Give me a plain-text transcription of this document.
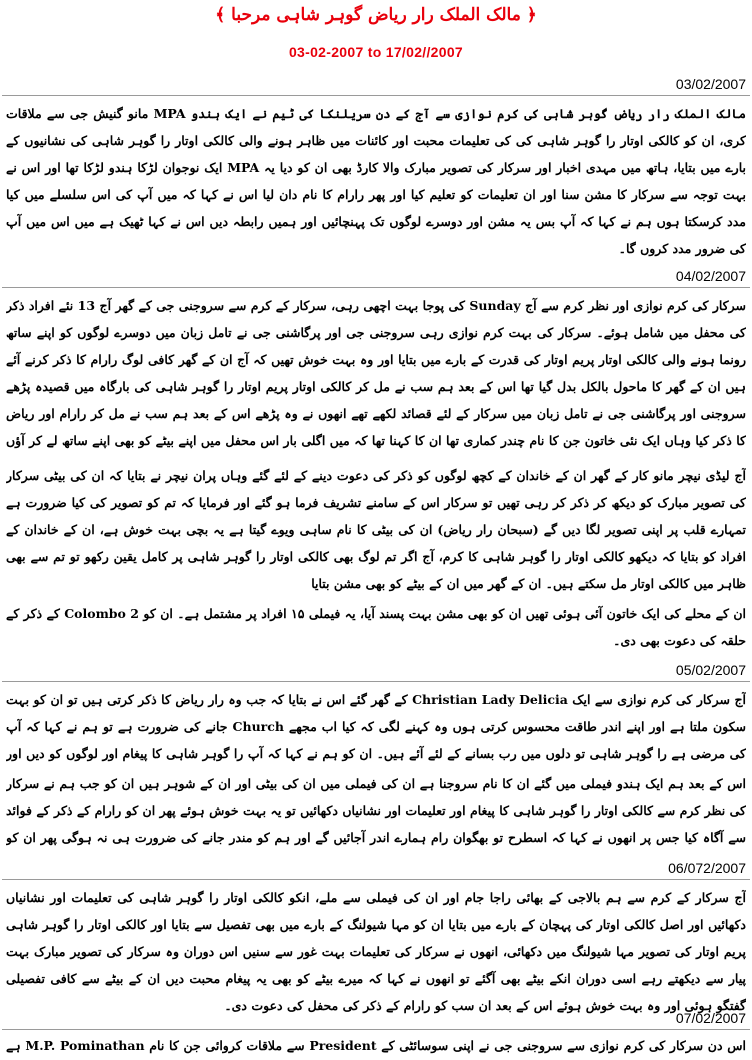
﴿ مالک الملک رار ریاض گوہر شاہی مرحبا ﴾
03-02-2007 to 17/02//2007
03/02/2007
مالک الملک رار ریاض گوہر شاہی کی کرم نوازی سے آج کے دن سریلنکا کی ٹیم نے ایک ہندو MPA مانو گنیش جی سے ملاقات کری، ان کو کالکی اوتار را گوہر شاہی کی کی تعلیمات محبت اور کائنات میں ظاہر ہونے والی کالکی اوتار را گوہر شاہی کی نشانیوں کے بارے میں بتایا، ہاتھ میں مہدی اخبار اور سرکار کی تصویر مبارک والا کارڈ بھی ان کو دیا یہ MPA ایک نوجوان لڑکا ہندو لڑکا تھا اور اس نے بہت توجہ سے سرکار کا مشن سنا اور ان تعلیمات کو تعلیم کیا اور پھر رارام کا نام دان لیا اس نے کہا کہ میں آپ کی اس سلسلے میں کیا مدد کرسکتا ہوں ہم نے کہا کہ آپ بس یہ مشن اور دوسرے لوگوں تک پہنچائیں اور ہمیں رابطہ دیں اس نے کہا ٹھیک ہے میں اس میں آپ کی ضرور مدد کروں گا۔
04/02/2007
سرکار کی کرم نوازی اور نظر کرم سے آج Sunday کی پوجا بہت اچھی رہی، سرکار کے کرم سے سروجنی جی کے گھر آج 13 نئے افراد ذکر کی محفل میں شامل ہوئے۔ سرکار کی بہت کرم نوازی رہی سروجنی جی اور پرگاشنی جی نے تامل زبان میں دوسرے لوگوں کو اپنے ساتھ رونما ہونے والی کالکی اوتار پریم اوتار کی قدرت کے بارے میں بتایا اور وہ بہت خوش تھیں کہ آج ان کے گھر کافی لوگ رارام کا ذکر کرنے آئے ہیں ان کے گھر کا ماحول بالکل بدل گیا تھا اس کے بعد ہم سب نے مل کر کالکی اوتار پریم اوتار را گوہر شاہی کی بارگاہ میں قصیدہ پڑھے سروجنی اور پرگاشنی جی نے تامل زبان میں سرکار کے لئے قصائد لکھے تھے انھوں نے وہ پڑھے اس کے بعد ہم سب نے مل کر رارام اور ریاض کا ذکر کیا وہاں ایک نئی خاتون جن کا نام چندر کماری تھا ان کا کہنا تھا کہ میں اگلی بار اس محفل میں اپنے بیٹے کو بھی اپنے ساتھ لے کر آؤں
آج لیڈی نیچر مانو کار کے گھر ان کے خاندان کے کچھ لوگوں کو ذکر کی دعوت دینے کے لئے گئے وہاں پران نیچر نے بتایا کہ ان کی بیٹی سرکار کی تصویر مبارک کو دیکھ کر ذکر کر رہی تھیں تو سرکار اس کے سامنے تشریف فرما ہو گئے اور فرمایا کہ تم کو تصویر کی کیا ضرورت ہے تمہارے قلب پر اپنی تصویر لگا دیں گے (سبحان رار ریاض) ان کی بیٹی کا نام ساہی ویوے گیتا ہے یہ بچی بہت خوش ہے، ان کے خاندان کے افراد کو بتایا کہ دیکھو کالکی اوتار را گوہر شاہی کا کرم، آج اگر تم لوگ بھی کالکی اوتار را گوہر شاہی پر کامل یقین رکھو تو تم سے بھی ظاہر میں کالکی اوتار مل سکتے ہیں۔ ان کے گھر میں ان کے بیٹے کو بھی مشن بتایا
ان کے محلے کی ایک خاتون آئی ہوئی تھیں ان کو بھی مشن بہت پسند آیا، یہ فیملی ۱۵ افراد پر مشتمل ہے۔ ان کو Colombo 2 کے ذکر کے حلقہ کی دعوت بھی دی۔
05/02/2007
آج سرکار کی کرم نوازی سے ایک Christian Lady Delicia کے گھر گئے اس نے بتایا کہ جب وہ رار ریاض کا ذکر کرتی ہیں تو ان کو بہت سکون ملتا ہے اور اپنے اندر طاقت محسوس کرتی ہوں وہ کہنے لگی کہ کیا اب مجھے Church جانے کی ضرورت ہے تو ہم نے کہا کہ آپ کی مرضی ہے را گوہر شاہی تو دلوں میں رب بسانے کے لئے آئے ہیں۔ ان کو ہم نے کہا کہ آپ را گوہر شاہی کا پیغام اور لوگوں کو دیں اور
اس کے بعد ہم ایک ہندو فیملی میں گئے ان کا نام سروجنا ہے ان کی فیملی میں ان کی بیٹی اور ان کے شوہر ہیں ان کو جب ہم نے سرکار کی نظر کرم سے کالکی اوتار را گوہر شاہی کا پیغام اور تعلیمات اور نشانیاں دکھائیں تو یہ بہت خوش ہوئے پھر ان کو رارام کے ذکر کے فوائد سے آگاہ کیا جس پر انھوں نے کہا کہ اسطرح تو بھگوان رام ہمارے اندر آجائیں گے اور ہم کو مندر جانے کی ضرورت ہی نہ ہوگی پھر ان کو
06/072/2007
آج سرکار کے کرم سے ہم بالاجی کے بھائی راجا جام اور ان کی فیملی سے ملے، انکو کالکی اوتار را گوہر شاہی کی تعلیمات اور نشانیاں دکھائیں اور اصل کالکی اوتار کی پہچان کے بارے میں بتایا ان کو مہا شیولنگ کے بارے میں بھی تفصیل سے بتایا اور کالکی اوتار را گوہر شاہی پریم اوتار کی تصویر مہا شیولنگ میں دکھائی، انھوں نے سرکار کی تعلیمات بہت غور سے سنیں اس دوران وہ سرکار کی تصویر مبارک بہت پیار سے دیکھتے رہے اسی دوران انکے بیٹے بھی آگئے تو انھوں نے کہا کہ میرے بیٹے کو بھی یہ پیغام محبت دیں ان کے بیٹے سے کافی تفصیلی گفتگو ہوئی اور وہ بہت خوش ہوئے اس کے بعد ان سب کو رارام کے ذکر کی محفل کی دعوت دی۔
07/02/2007
اس دن سرکار کی کرم نوازی سے سروجنی جی نے اپنی سوسائٹی کے President سے ملاقات کروائی جن کا نام M.P. Pominathan ہے
